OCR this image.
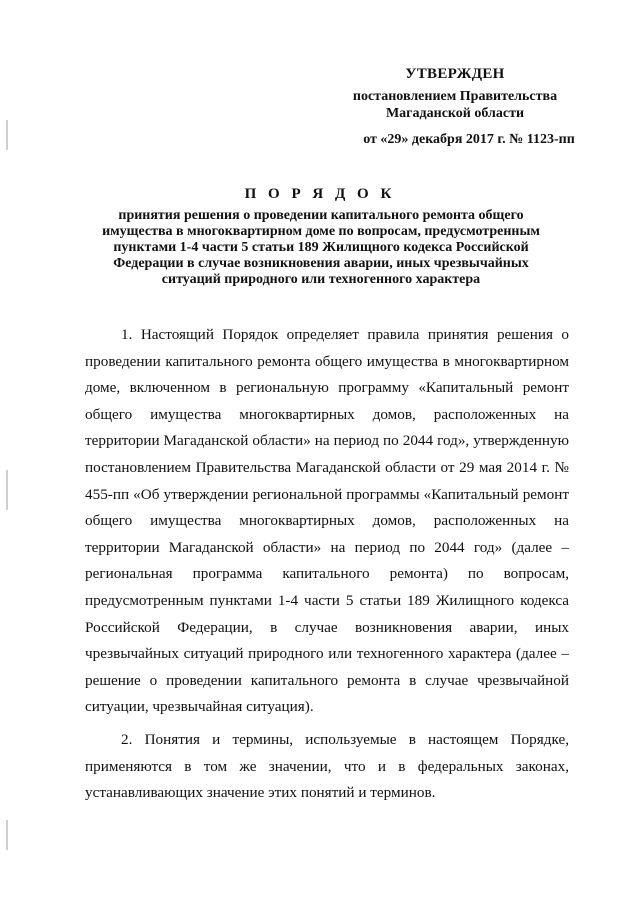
УТВЕРЖДЕН
постановлением Правительства
Магаданской области
от «29» декабря 2017 г. № 1123-пп
П О Р Я Д О К
принятия решения о проведении капитального ремонта общего имущества в многоквартирном доме по вопросам, предусмотренным пунктами 1-4 части 5 статьи 189 Жилищного кодекса Российской Федерации в случае возникновения аварии, иных чрезвычайных ситуаций природного или техногенного характера

1. Настоящий Порядок определяет правила принятия решения о проведении капитального ремонта общего имущества в многоквартирном доме, включенном в региональную программу «Капитальный ремонт общего имущества многоквартирных домов, расположенных на территории Магаданской области» на период по 2044 год», утвержденную постановлением Правительства Магаданской области от 29 мая 2014 г. № 455-пп «Об утверждении региональной программы «Капитальный ремонт общего имущества многоквартирных домов, расположенных на территории Магаданской области» на период по 2044 год» (далее – региональная программа капитального ремонта) по вопросам, предусмотренным пунктами 1-4 части 5 статьи 189 Жилищного кодекса Российской Федерации, в случае возникновения аварии, иных чрезвычайных ситуаций природного или техногенного характера (далее – решение о проведении капитального ремонта в случае чрезвычайной ситуации, чрезвычайная ситуация).

2. Понятия и термины, используемые в настоящем Порядке, применяются в том же значении, что и в федеральных законах, устанавливающих значение этих понятий и терминов.
